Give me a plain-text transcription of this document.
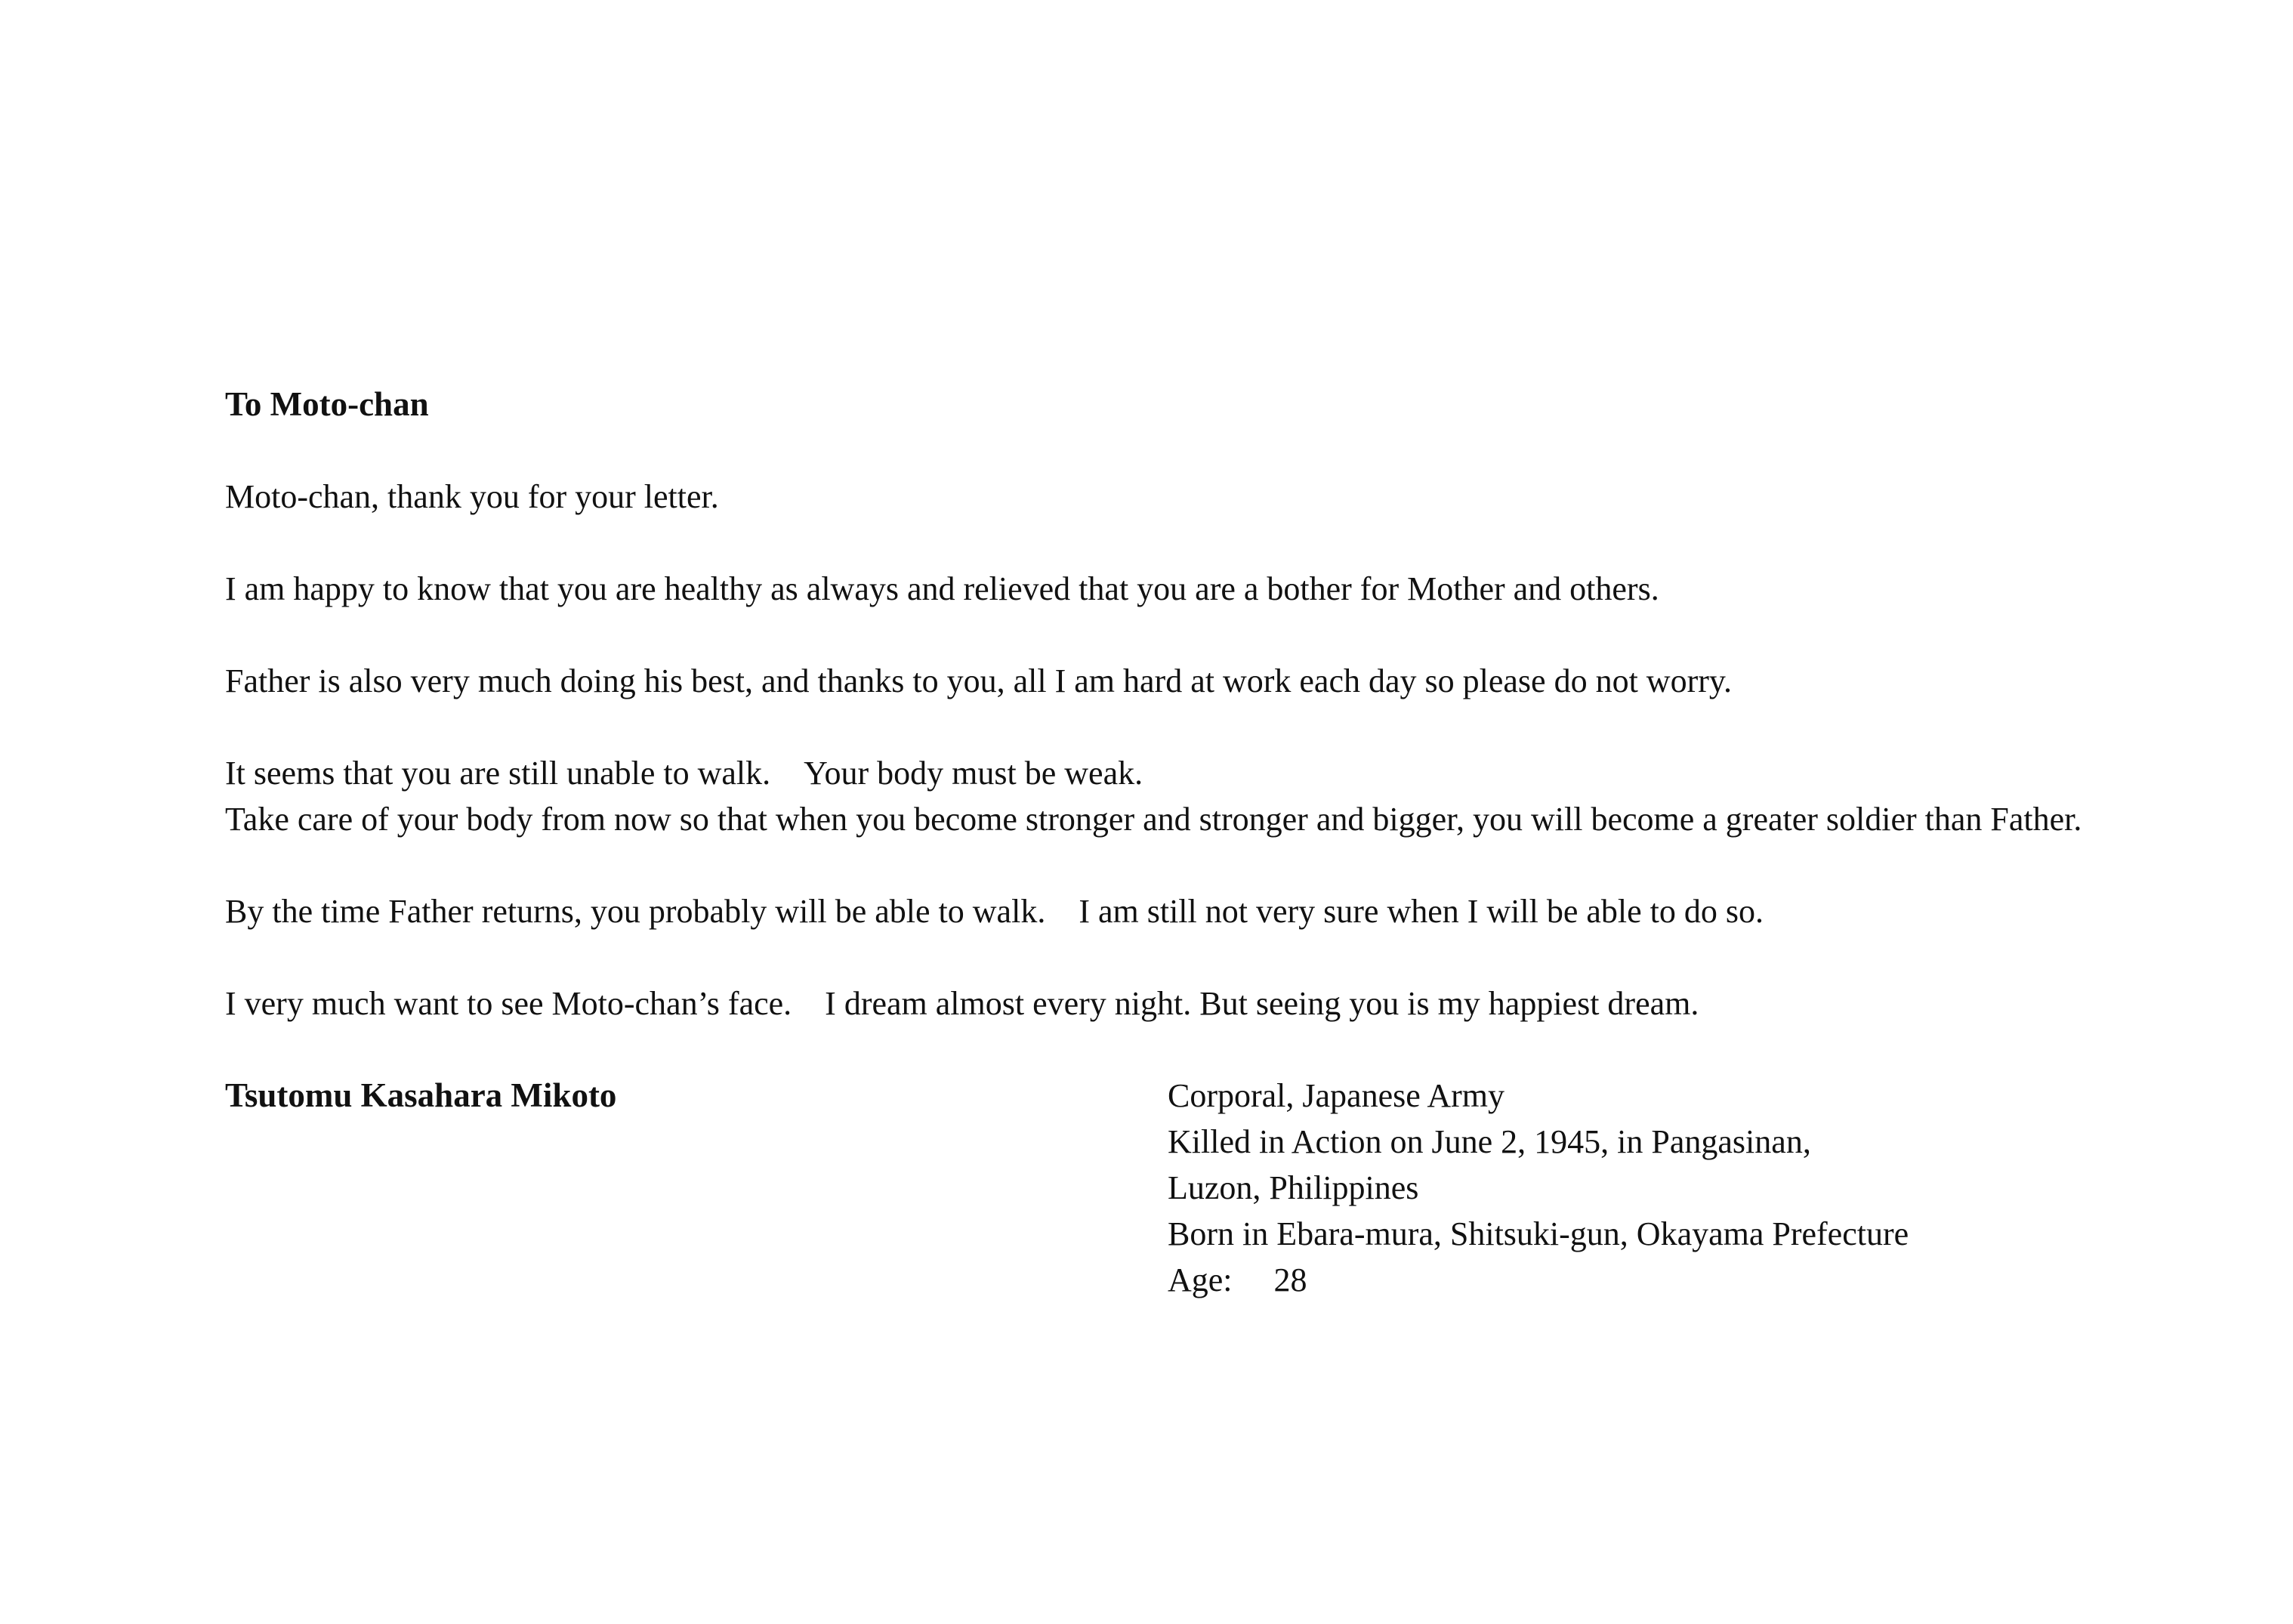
To Moto-chan

Moto-chan, thank you for your letter.

I am happy to know that you are healthy as always and relieved that you are a bother for Mother and others.

Father is also very much doing his best, and thanks to you, all I am hard at work each day so please do not worry.

It seems that you are still unable to walk.　Your body must be weak.

Take care of your body from now so that when you become stronger and stronger and bigger, you will become a greater soldier than Father.

By the time Father returns, you probably will be able to walk.　I am still not very sure when I will be able to do so.

I very much want to see Moto-chan’s face.　I dream almost every night. But seeing you is my happiest dream.

Tsutomu Kasahara Mikoto	Corporal, Japanese Army
Killed in Action on June 2, 1945, in Pangasinan,
Luzon, Philippines
Born in Ebara-mura, Shitsuki-gun, Okayama Prefecture
Age:　 28
